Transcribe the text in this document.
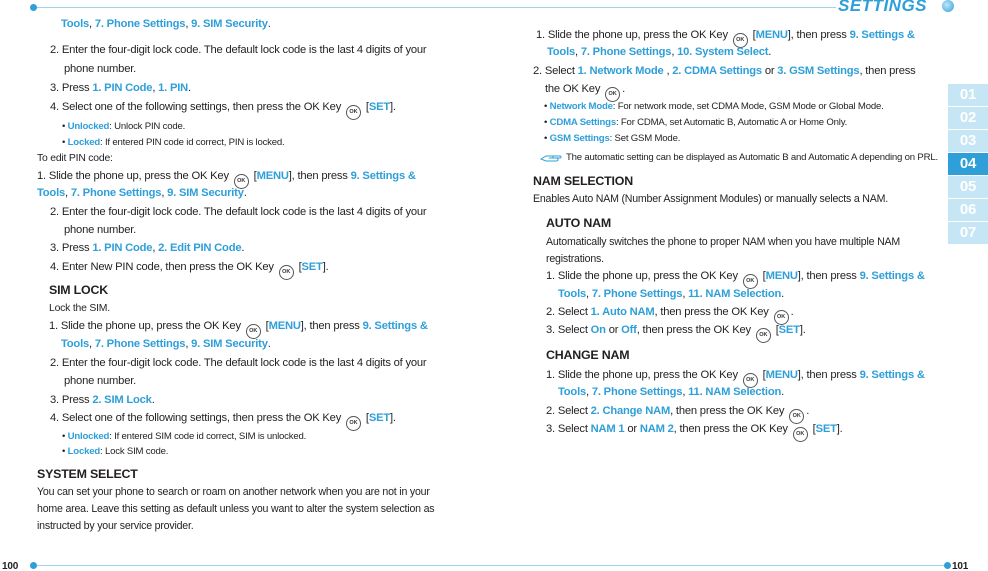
SETTINGS
100	101
01
02
03
04
05
06
07
Tools, 7. Phone Settings, 9. SIM Security.
2. Enter the four-digit lock code. The default lock code is the last 4 digits of your
phone number.
3. Press 1. PIN Code, 1. PIN.
4. Select one of the following settings, then press the OK Key OK [SET].
• Unlocked: Unlock PIN code.
• Locked: If entered PIN code id correct, PIN is locked.
To edit PIN code:
1. Slide the phone up, press the OK Key OK [MENU], then press 9. Settings &
Tools, 7. Phone Settings, 9. SIM Security.
2. Enter the four-digit lock code. The default lock code is the last 4 digits of your
phone number.
3. Press 1. PIN Code, 2. Edit PIN Code.
4. Enter New PIN code, then press the OK Key OK [SET].
SIM LOCK
Lock the SIM.
1. Slide the phone up, press the OK Key OK [MENU], then press 9. Settings &
Tools, 7. Phone Settings, 9. SIM Security.
2. Enter the four-digit lock code. The default lock code is the last 4 digits of your
phone number.
3. Press 2. SIM Lock.
4. Select one of the following settings, then press the OK Key OK [SET].
• Unlocked: If entered SIM code id correct, SIM is unlocked.
• Locked: Lock SIM code.
SYSTEM SELECT
You can set your phone to search or roam on another network when you are not in your
home area. Leave this setting as default unless you want to alter the system selection as
instructed by your service provider.
1. Slide the phone up, press the OK Key OK [MENU], then press 9. Settings &
Tools, 7. Phone Settings, 10. System Select.
2. Select 1. Network Mode , 2. CDMA Settings or 3. GSM Settings, then press
the OK Key OK .
• Network Mode: For network mode, set CDMA Mode, GSM Mode or Global Mode.
• CDMA Settings: For CDMA, set Automatic B, Automatic A or Home Only.
• GSM Settings: Set GSM Mode.
The automatic setting can be displayed as Automatic B and Automatic A depending on PRL.
NAM SELECTION
Enables Auto NAM (Number Assignment Modules) or manually selects a NAM.
AUTO NAM
Automatically switches the phone to proper NAM when you have multiple NAM
registrations.
1. Slide the phone up, press the OK Key OK [MENU], then press 9. Settings &
Tools, 7. Phone Settings, 11. NAM Selection.
2. Select 1. Auto NAM, then press the OK Key OK .
3. Select On or Off, then press the OK Key OK [SET].
CHANGE NAM
1. Slide the phone up, press the OK Key OK [MENU], then press 9. Settings &
Tools, 7. Phone Settings, 11. NAM Selection.
2. Select 2. Change NAM, then press the OK Key OK .
3. Select NAM 1 or NAM 2, then press the OK Key OK [SET].
